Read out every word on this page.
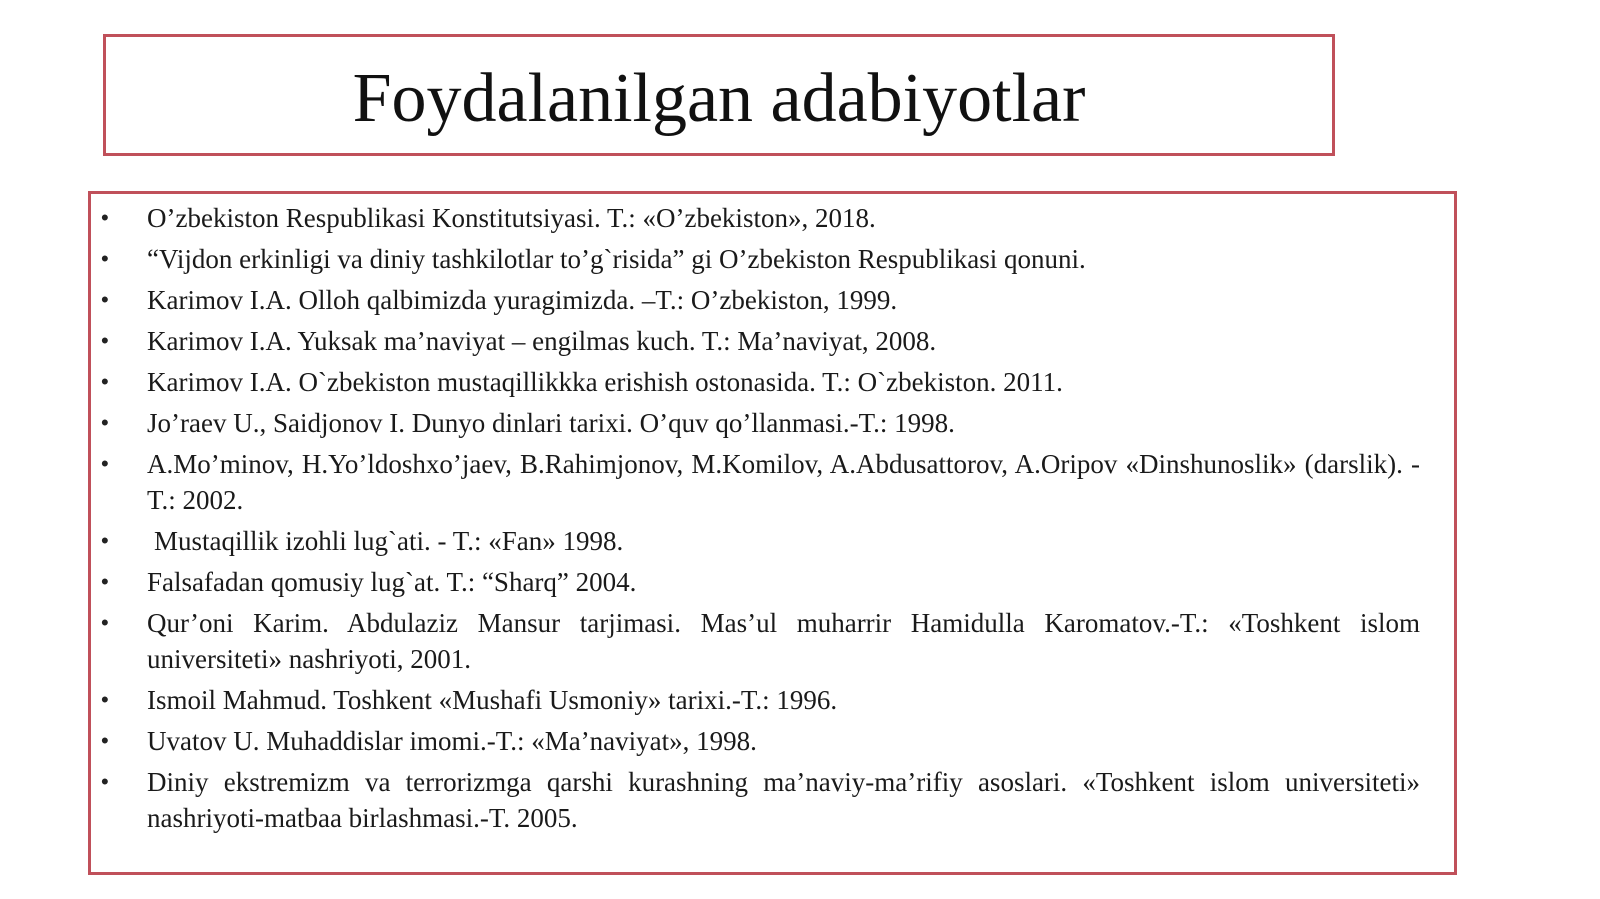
Foydalanilgan adabiyotlar
• O’zbekiston Respublikasi Konstitutsiyasi. T.: «O’zbekiston», 2018.
• “Vijdon erkinligi va diniy tashkilotlar to’g`risida” gi O’zbekiston Respublikasi qonuni.
• Karimov I.A. Olloh qalbimizda yuragimizda. –T.: O’zbekiston, 1999.
• Karimov I.A. Yuksak ma’naviyat – engilmas kuch. T.: Ma’naviyat, 2008.
• Karimov I.A. O`zbekiston mustaqillikkka erishish ostonasida. T.: O`zbekiston. 2011.
• Jo’raev U., Saidjonov I. Dunyo dinlari tarixi. O’quv qo’llanmasi.-T.: 1998.
• A.Mo’minov, H.Yo’ldoshxo’jaev, B.Rahimjonov, M.Komilov, A.Abdusattorov, A.Oripov «Dinshunoslik» (darslik). - T.: 2002.
• Mustaqillik izohli lug`ati. - T.: «Fan» 1998.
• Falsafadan qomusiy lug`at. T.: “Sharq” 2004.
• Qur’oni Karim. Abdulaziz Mansur tarjimasi. Mas’ul muharrir Hamidulla Karomatov.-T.: «Toshkent islom universiteti» nashriyoti, 2001.
• Ismoil Mahmud. Toshkent «Mushafi Usmoniy» tarixi.-T.: 1996.
• Uvatov U. Muhaddislar imomi.-T.: «Ma’naviyat», 1998.
• Diniy ekstremizm va terrorizmga qarshi kurashning ma’naviy-ma’rifiy asoslari. «Toshkent islom universiteti» nashriyoti-matbaa birlashmasi.-T. 2005.
